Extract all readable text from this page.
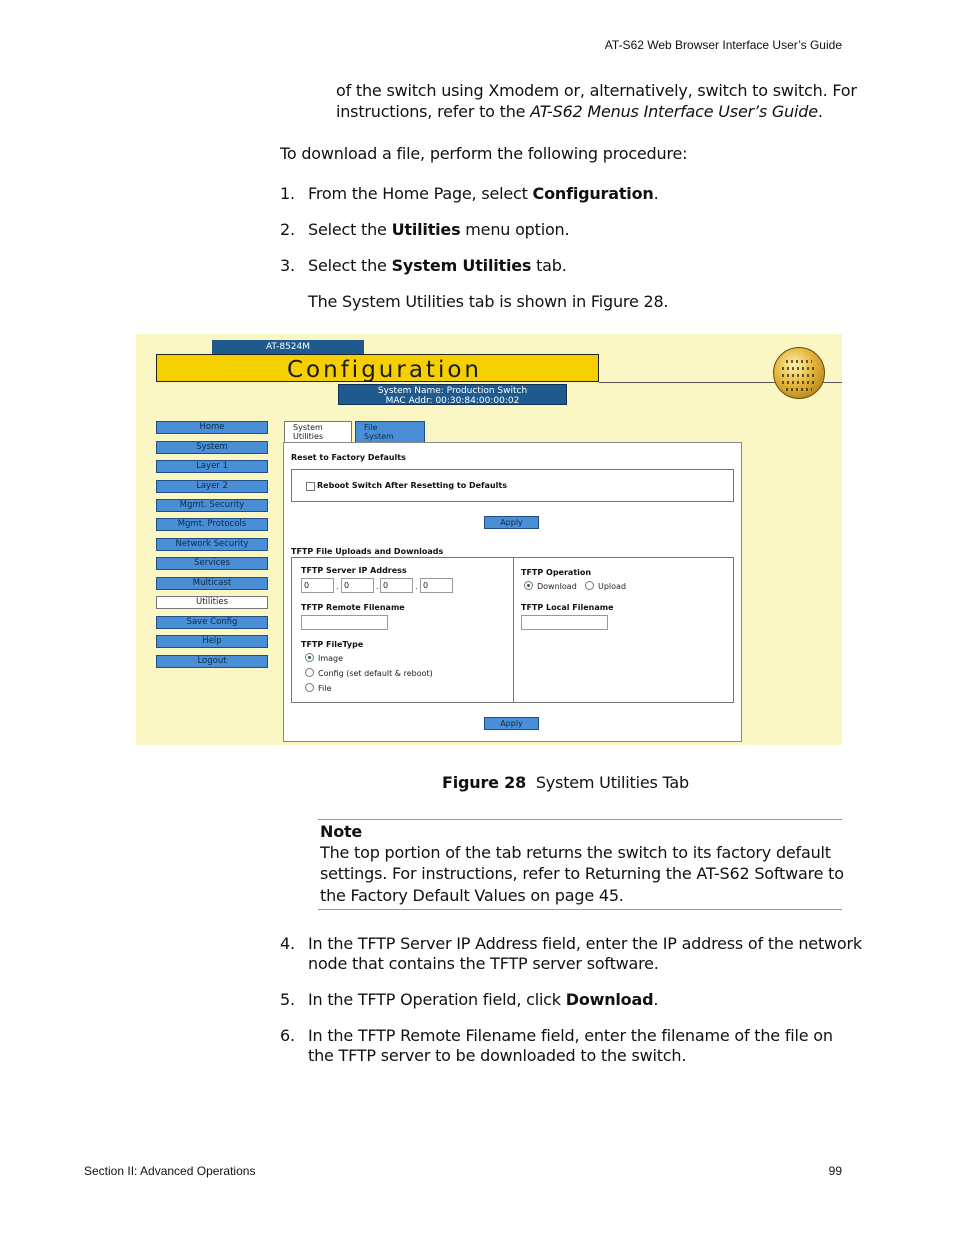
AT-S62 Web Browser Interface User’s Guide
of the switch using Xmodem or, alternatively, switch to switch. For
instructions, refer to the AT-S62 Menus Interface User’s Guide.
To download a file, perform the following procedure:
1. From the Home Page, select Configuration.
2. Select the Utilities menu option.
3. Select the System Utilities tab.
The System Utilities tab is shown in Figure 28.
AT-8524M
Configuration
System Name: Production Switch
MAC Addr: 00:30:84:00:00:02
Home
System
Layer 1
Layer 2
Mgmt. Security
Mgmt. Protocols
Network Security
Services
Multicast
Utilities
Save Config
Help
Logout
System
Utilities
File
System
Reset to Factory Defaults
Reboot Switch After Resetting to Defaults
Apply
TFTP File Uploads and Downloads
TFTP Server IP Address
0	. 0	. 0	. 0
TFTP Remote Filename
TFTP FileType
Image
Config (set default & reboot)
File
TFTP Operation
Download	Upload
TFTP Local Filename
Apply
Figure 28 System Utilities Tab
Note
The top portion of the tab returns the switch to its factory default
settings. For instructions, refer to Returning the AT-S62 Software to
the Factory Default Values on page 45.
4. In the TFTP Server IP Address field, enter the IP address of the network
node that contains the TFTP server software.
5. In the TFTP Operation field, click Download.
6. In the TFTP Remote Filename field, enter the filename of the file on
the TFTP server to be downloaded to the switch.
Section II: Advanced Operations	99
